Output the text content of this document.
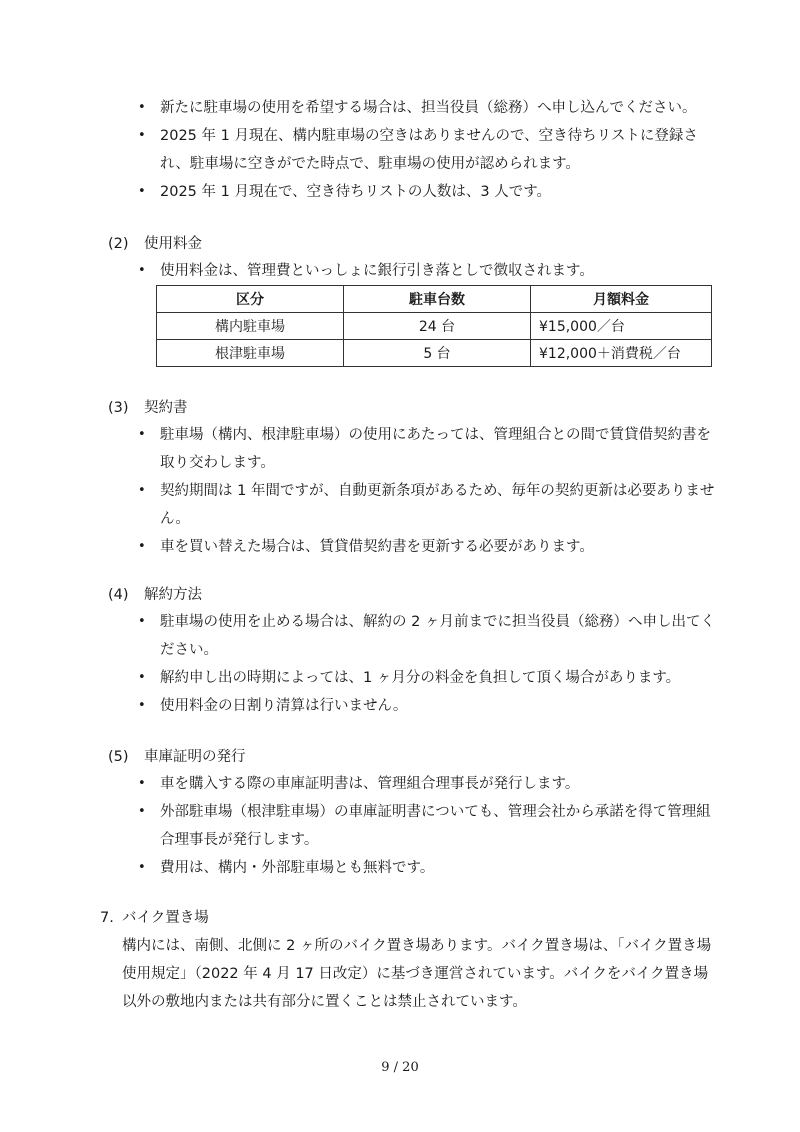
• 新たに駐車場の使用を希望する場合は、担当役員（総務）へ申し込んでください。
• 2025 年 1 月現在、構内駐車場の空きはありませんので、空き待ちリストに登録され、駐車場に空きがでた時点で、駐車場の使用が認められます。
• 2025 年 1 月現在で、空き待ちリストの人数は、3 人です。
(2) 使用料金
• 使用料金は、管理費といっしょに銀行引き落としで徴収されます。
区分	駐車台数	月額料金
構内駐車場	24 台	¥15,000／台
根津駐車場	5 台	¥12,000＋消費税／台
(3) 契約書
• 駐車場（構内、根津駐車場）の使用にあたっては、管理組合との間で賃貸借契約書を取り交わします。
• 契約期間は 1 年間ですが、自動更新条項があるため、毎年の契約更新は必要ありません。
• 車を買い替えた場合は、賃貸借契約書を更新する必要があります。
(4) 解約方法
• 駐車場の使用を止める場合は、解約の 2 ヶ月前までに担当役員（総務）へ申し出てください。
• 解約申し出の時期によっては、1 ヶ月分の料金を負担して頂く場合があります。
• 使用料金の日割り清算は行いません。
(5) 車庫証明の発行
• 車を購入する際の車庫証明書は、管理組合理事長が発行します。
• 外部駐車場（根津駐車場）の車庫証明書についても、管理会社から承諾を得て管理組合理事長が発行します。
• 費用は、構内・外部駐車場とも無料です。
7. バイク置き場
構内には、南側、北側に 2 ヶ所のバイク置き場あります。バイク置き場は、「バイク置き場使用規定」（2022 年 4 月 17 日改定）に基づき運営されています。バイクをバイク置き場以外の敷地内または共有部分に置くことは禁止されています。
9 / 20
